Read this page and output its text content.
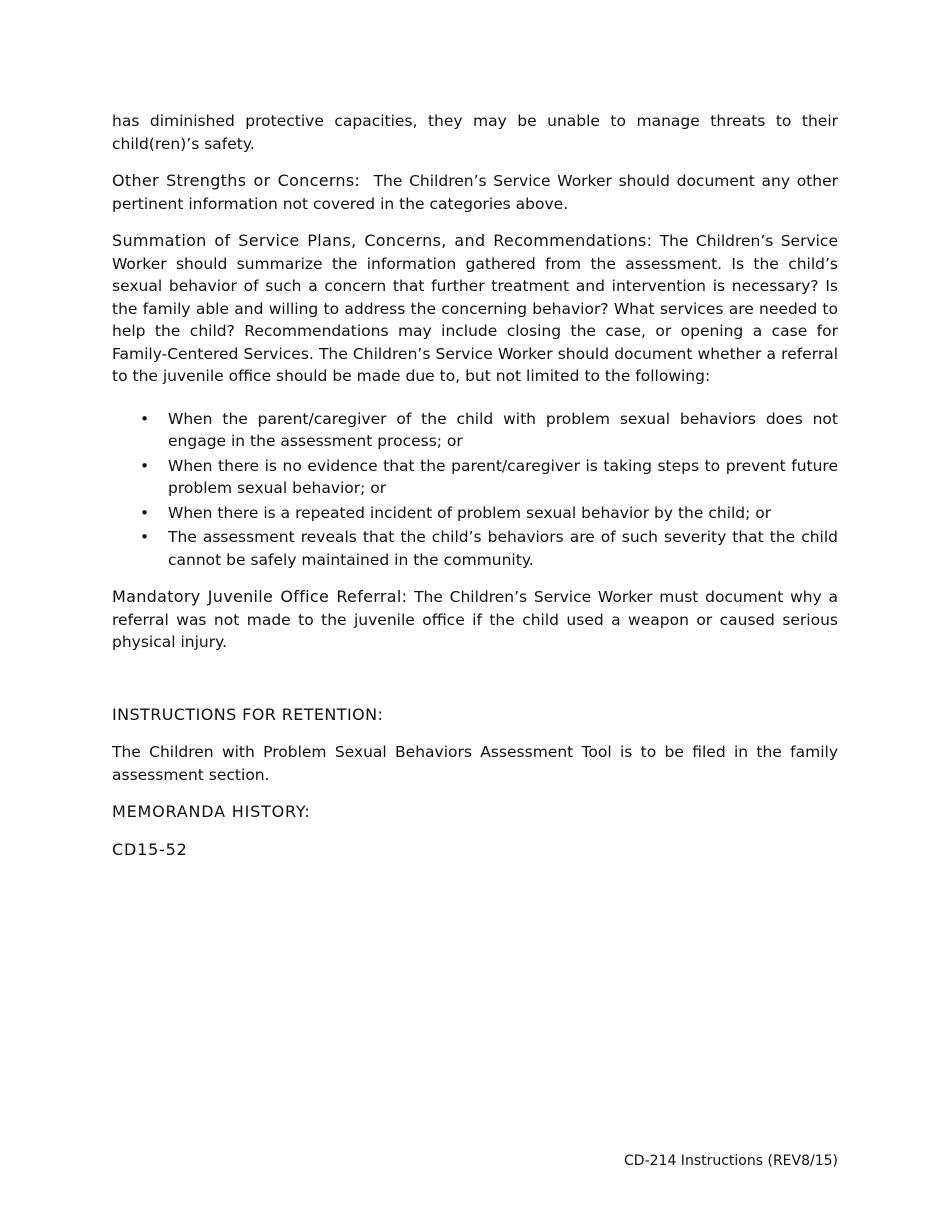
has diminished protective capacities, they may be unable to manage threats to their child(ren)’s safety.

Other Strengths or Concerns: The Children’s Service Worker should document any other pertinent information not covered in the categories above.

Summation of Service Plans, Concerns, and Recommendations: The Children’s Service Worker should summarize the information gathered from the assessment. Is the child’s sexual behavior of such a concern that further treatment and intervention is necessary? Is the family able and willing to address the concerning behavior? What services are needed to help the child? Recommendations may include closing the case, or opening a case for Family-Centered Services. The Children’s Service Worker should document whether a referral to the juvenile office should be made due to, but not limited to the following:

• When the parent/caregiver of the child with problem sexual behaviors does not engage in the assessment process; or
• When there is no evidence that the parent/caregiver is taking steps to prevent future problem sexual behavior; or
• When there is a repeated incident of problem sexual behavior by the child; or
• The assessment reveals that the child’s behaviors are of such severity that the child cannot be safely maintained in the community.

Mandatory Juvenile Office Referral: The Children’s Service Worker must document why a referral was not made to the juvenile office if the child used a weapon or caused serious physical injury.

INSTRUCTIONS FOR RETENTION:

The Children with Problem Sexual Behaviors Assessment Tool is to be filed in the family assessment section.

MEMORANDA HISTORY:

CD15-52

CD-214 Instructions (REV8/15)
